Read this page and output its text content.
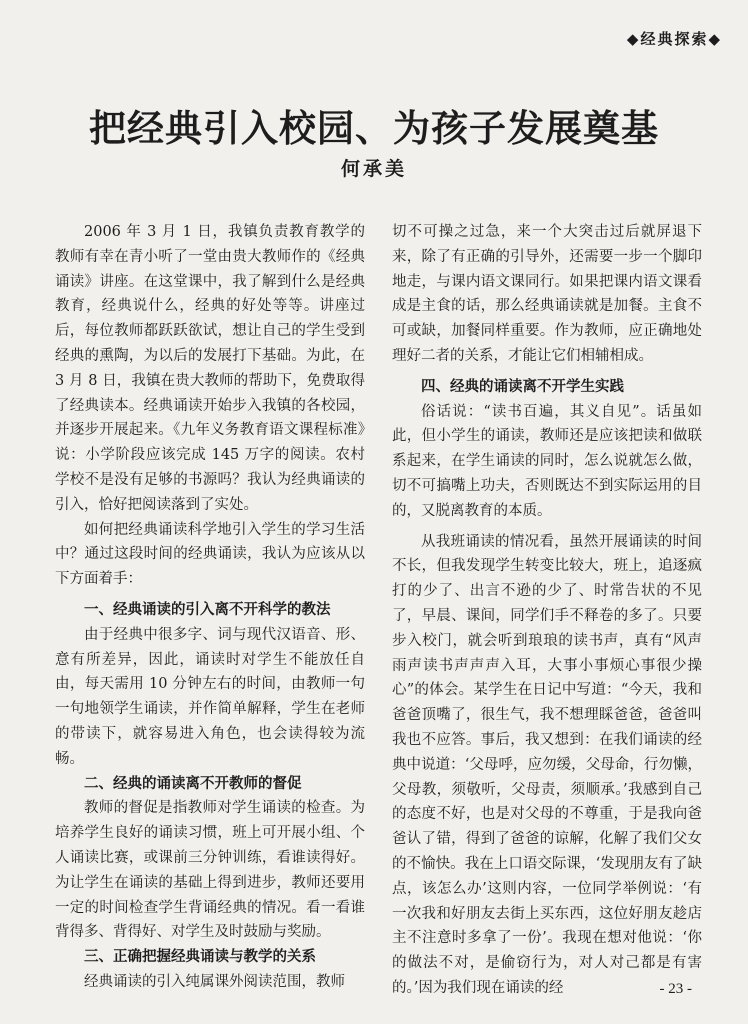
◆经典探索◆
把经典引入校园、为孩子发展奠基
何承美

2006 年 3 月 1 日，我镇负责教育教学的教师有幸在青小听了一堂由贵大教师作的《经典诵读》讲座。在这堂课中，我了解到什么是经典教育，经典说什么，经典的好处等等。讲座过后，每位教师都跃跃欲试，想让自己的学生受到经典的熏陶，为以后的发展打下基础。为此，在 3 月 8 日，我镇在贵大教师的帮助下，免费取得了经典读本。经典诵读开始步入我镇的各校园，并逐步开展起来。《九年义务教育语文课程标准》说：小学阶段应该完成 145 万字的阅读。农村学校不是没有足够的书源吗？我认为经典诵读的引入，恰好把阅读落到了实处。

如何把经典诵读科学地引入学生的学习生活中？通过这段时间的经典诵读，我认为应该从以下方面着手：

一、经典诵读的引入离不开科学的教法

由于经典中很多字、词与现代汉语音、形、意有所差异，因此，诵读时对学生不能放任自由，每天需用 10 分钟左右的时间，由教师一句一句地领学生诵读，并作简单解释，学生在老师的带读下，就容易进入角色，也会读得较为流畅。

二、经典的诵读离不开教师的督促

教师的督促是指教师对学生诵读的检查。为培养学生良好的诵读习惯，班上可开展小组、个人诵读比赛，或课前三分钟训练，看谁读得好。为让学生在诵读的基础上得到进步，教师还要用一定的时间检查学生背诵经典的情况。看一看谁背得多、背得好、对学生及时鼓励与奖励。

三、正确把握经典诵读与教学的关系

经典诵读的引入纯属课外阅读范围，教师

切不可操之过急，来一个大突击过后就屏退下来，除了有正确的引导外，还需要一步一个脚印地走，与课内语文课同行。如果把课内语文课看成是主食的话，那么经典诵读就是加餐。主食不可或缺，加餐同样重要。作为教师，应正确地处理好二者的关系，才能让它们相辅相成。

四、经典的诵读离不开学生实践

俗话说：“读书百遍，其义自见”。话虽如此，但小学生的诵读，教师还是应该把读和做联系起来，在学生诵读的同时，怎么说就怎么做，切不可搞嘴上功夫，否则既达不到实际运用的目的，又脱离教育的本质。

从我班诵读的情况看，虽然开展诵读的时间不长，但我发现学生转变比较大，班上，追逐疯打的少了、出言不逊的少了、时常告状的不见了，早晨、课间，同学们手不释卷的多了。只要步入校门，就会听到琅琅的读书声，真有“风声雨声读书声声声入耳，大事小事烦心事很少操心”的体会。某学生在日记中写道：“今天，我和爸爸顶嘴了，很生气，我不想理睬爸爸，爸爸叫我也不应答。事后，我又想到：在我们诵读的经典中说道：‘父母呼，应勿缓，父母命，行勿懒，父母教，须敬听，父母责，须顺承。’我感到自己的态度不好，也是对父母的不尊重，于是我向爸爸认了错，得到了爸爸的谅解，化解了我们父女的不愉快。我在上口语交际课，‘发现朋友有了缺点，该怎么办’这则内容，一位同学举例说：‘有一次我和好朋友去街上买东西，这位好朋友趁店主不注意时多拿了一份’。我现在想对他说：‘你的做法不对，是偷窃行为，对人对己都是有害的。’因为我们现在诵读的经	- 23 -
